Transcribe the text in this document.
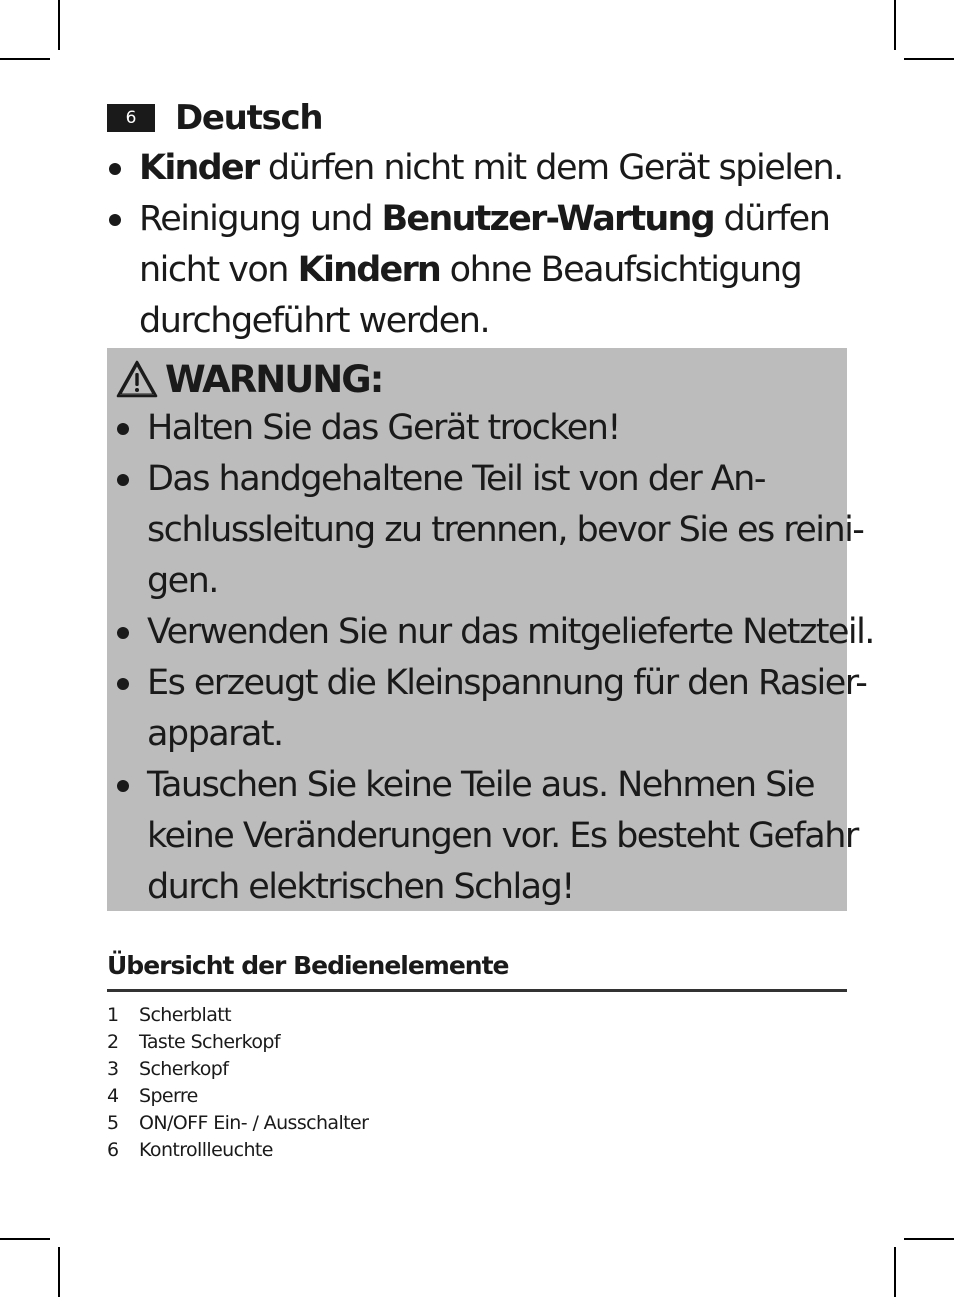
6	Deutsch
Kinder dürfen nicht mit dem Gerät spielen.
Reinigung und Benutzer-Wartung dürfen
nicht von Kindern ohne Beaufsichtigung
durchgeführt werden.
WARNUNG:
Halten Sie das Gerät trocken!
Das handgehaltene Teil ist von der An-
schlussleitung zu trennen, bevor Sie es reini-
gen.
Verwenden Sie nur das mitgelieferte Netzteil.
Es erzeugt die Kleinspannung für den Rasier-
apparat.
Tauschen Sie keine Teile aus. Nehmen Sie
keine Veränderungen vor. Es besteht Gefahr
durch elektrischen Schlag!
Übersicht der Bedienelemente
1	Scherblatt
2	Taste Scherkopf
3	Scherkopf
4	Sperre
5	ON/OFF Ein- / Ausschalter
6	Kontrollleuchte
